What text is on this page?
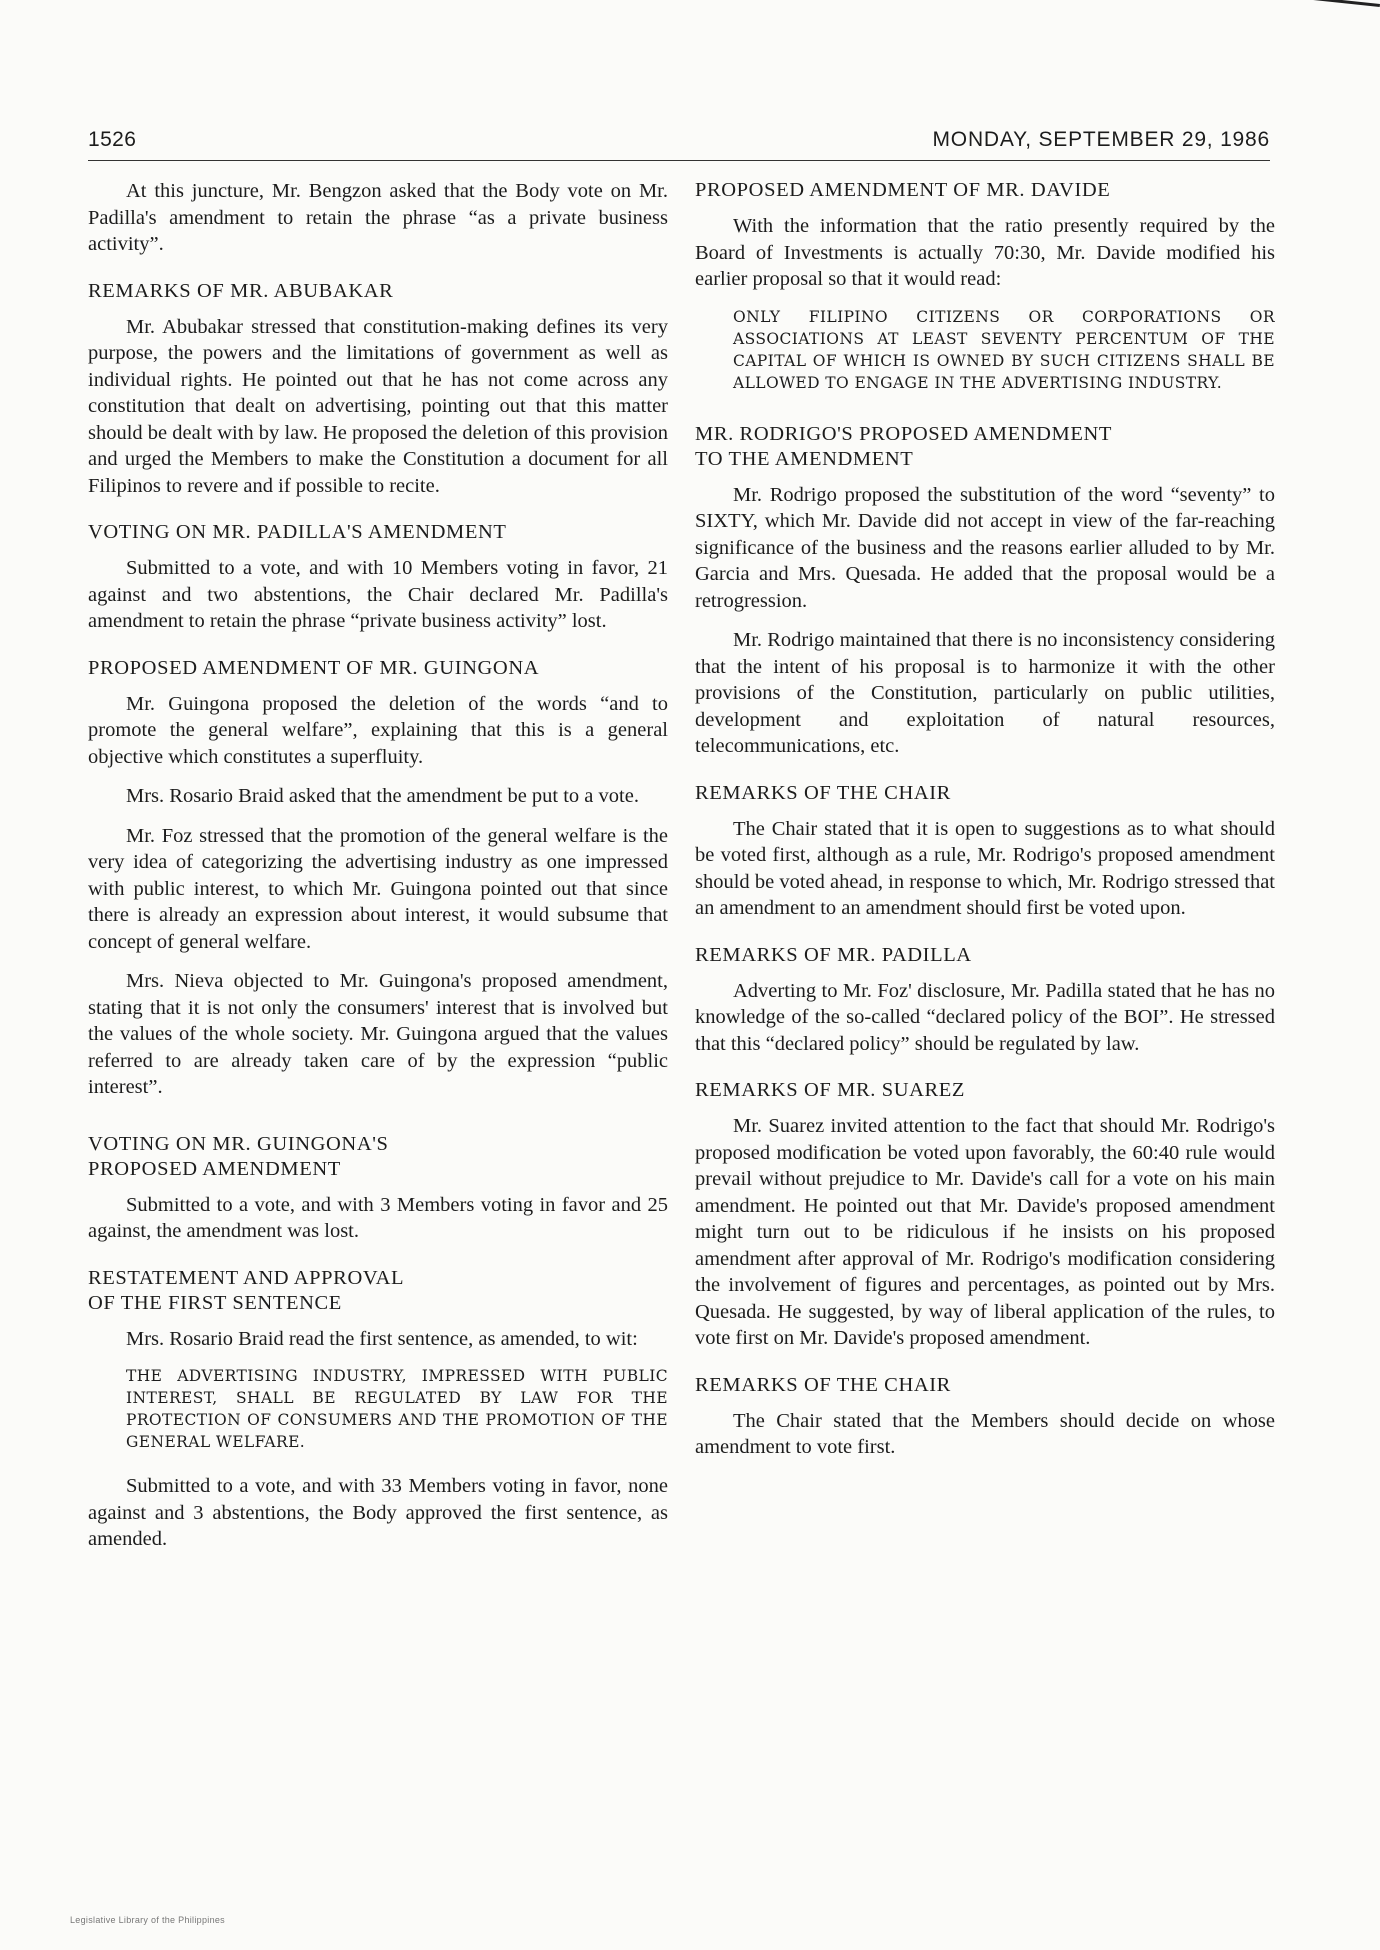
1526	MONDAY, SEPTEMBER 29, 1986

At this juncture, Mr. Bengzon asked that the Body vote on Mr. Padilla's amendment to retain the phrase “as a private business activity”.

REMARKS OF MR. ABUBAKAR

Mr. Abubakar stressed that constitution-making defines its very purpose, the powers and the limitations of government as well as individual rights. He pointed out that he has not come across any constitution that dealt on advertising, pointing out that this matter should be dealt with by law. He proposed the deletion of this provision and urged the Members to make the Constitution a document for all Filipinos to revere and if possible to recite.

VOTING ON MR. PADILLA'S AMENDMENT

Submitted to a vote, and with 10 Members voting in favor, 21 against and two abstentions, the Chair declared Mr. Padilla's amendment to retain the phrase “private business activity” lost.

PROPOSED AMENDMENT OF MR. GUINGONA

Mr. Guingona proposed the deletion of the words “and to promote the general welfare”, explaining that this is a general objective which constitutes a superfluity.

Mrs. Rosario Braid asked that the amendment be put to a vote.

Mr. Foz stressed that the promotion of the general welfare is the very idea of categorizing the advertising industry as one impressed with public interest, to which Mr. Guingona pointed out that since there is already an expression about interest, it would subsume that concept of general welfare.

Mrs. Nieva objected to Mr. Guingona's proposed amendment, stating that it is not only the consumers' interest that is involved but the values of the whole society. Mr. Guingona argued that the values referred to are already taken care of by the expression “public interest”.

VOTING ON MR. GUINGONA'S
PROPOSED AMENDMENT

Submitted to a vote, and with 3 Members voting in favor and 25 against, the amendment was lost.

RESTATEMENT AND APPROVAL
OF THE FIRST SENTENCE

Mrs. Rosario Braid read the first sentence, as amended, to wit:

THE ADVERTISING INDUSTRY, IMPRESSED WITH PUBLIC INTEREST, SHALL BE REGULATED BY LAW FOR THE PROTECTION OF CONSUMERS AND THE PROMOTION OF THE GENERAL WELFARE.

Submitted to a vote, and with 33 Members voting in favor, none against and 3 abstentions, the Body approved the first sentence, as amended.

PROPOSED AMENDMENT OF MR. DAVIDE

With the information that the ratio presently required by the Board of Investments is actually 70:30, Mr. Davide modified his earlier proposal so that it would read:

ONLY FILIPINO CITIZENS OR CORPORATIONS OR ASSOCIATIONS AT LEAST SEVENTY PERCENTUM OF THE CAPITAL OF WHICH IS OWNED BY SUCH CITIZENS SHALL BE ALLOWED TO ENGAGE IN THE ADVERTISING INDUSTRY.

MR. RODRIGO'S PROPOSED AMENDMENT
TO THE AMENDMENT

Mr. Rodrigo proposed the substitution of the word “seventy” to SIXTY, which Mr. Davide did not accept in view of the far-reaching significance of the business and the reasons earlier alluded to by Mr. Garcia and Mrs. Quesada. He added that the proposal would be a retrogression.

Mr. Rodrigo maintained that there is no inconsistency considering that the intent of his proposal is to harmonize it with the other provisions of the Constitution, particularly on public utilities, development and exploitation of natural resources, telecommunications, etc.

REMARKS OF THE CHAIR

The Chair stated that it is open to suggestions as to what should be voted first, although as a rule, Mr. Rodrigo's proposed amendment should be voted ahead, in response to which, Mr. Rodrigo stressed that an amendment to an amendment should first be voted upon.

REMARKS OF MR. PADILLA

Adverting to Mr. Foz' disclosure, Mr. Padilla stated that he has no knowledge of the so-called “declared policy of the BOI”. He stressed that this “declared policy” should be regulated by law.

REMARKS OF MR. SUAREZ

Mr. Suarez invited attention to the fact that should Mr. Rodrigo's proposed modification be voted upon favorably, the 60:40 rule would prevail without prejudice to Mr. Davide's call for a vote on his main amendment. He pointed out that Mr. Davide's proposed amendment might turn out to be ridiculous if he insists on his proposed amendment after approval of Mr. Rodrigo's modification considering the involvement of figures and percentages, as pointed out by Mrs. Quesada. He suggested, by way of liberal application of the rules, to vote first on Mr. Davide's proposed amendment.

REMARKS OF THE CHAIR

The Chair stated that the Members should decide on whose amendment to vote first.

Legislative Library of the Philippines
